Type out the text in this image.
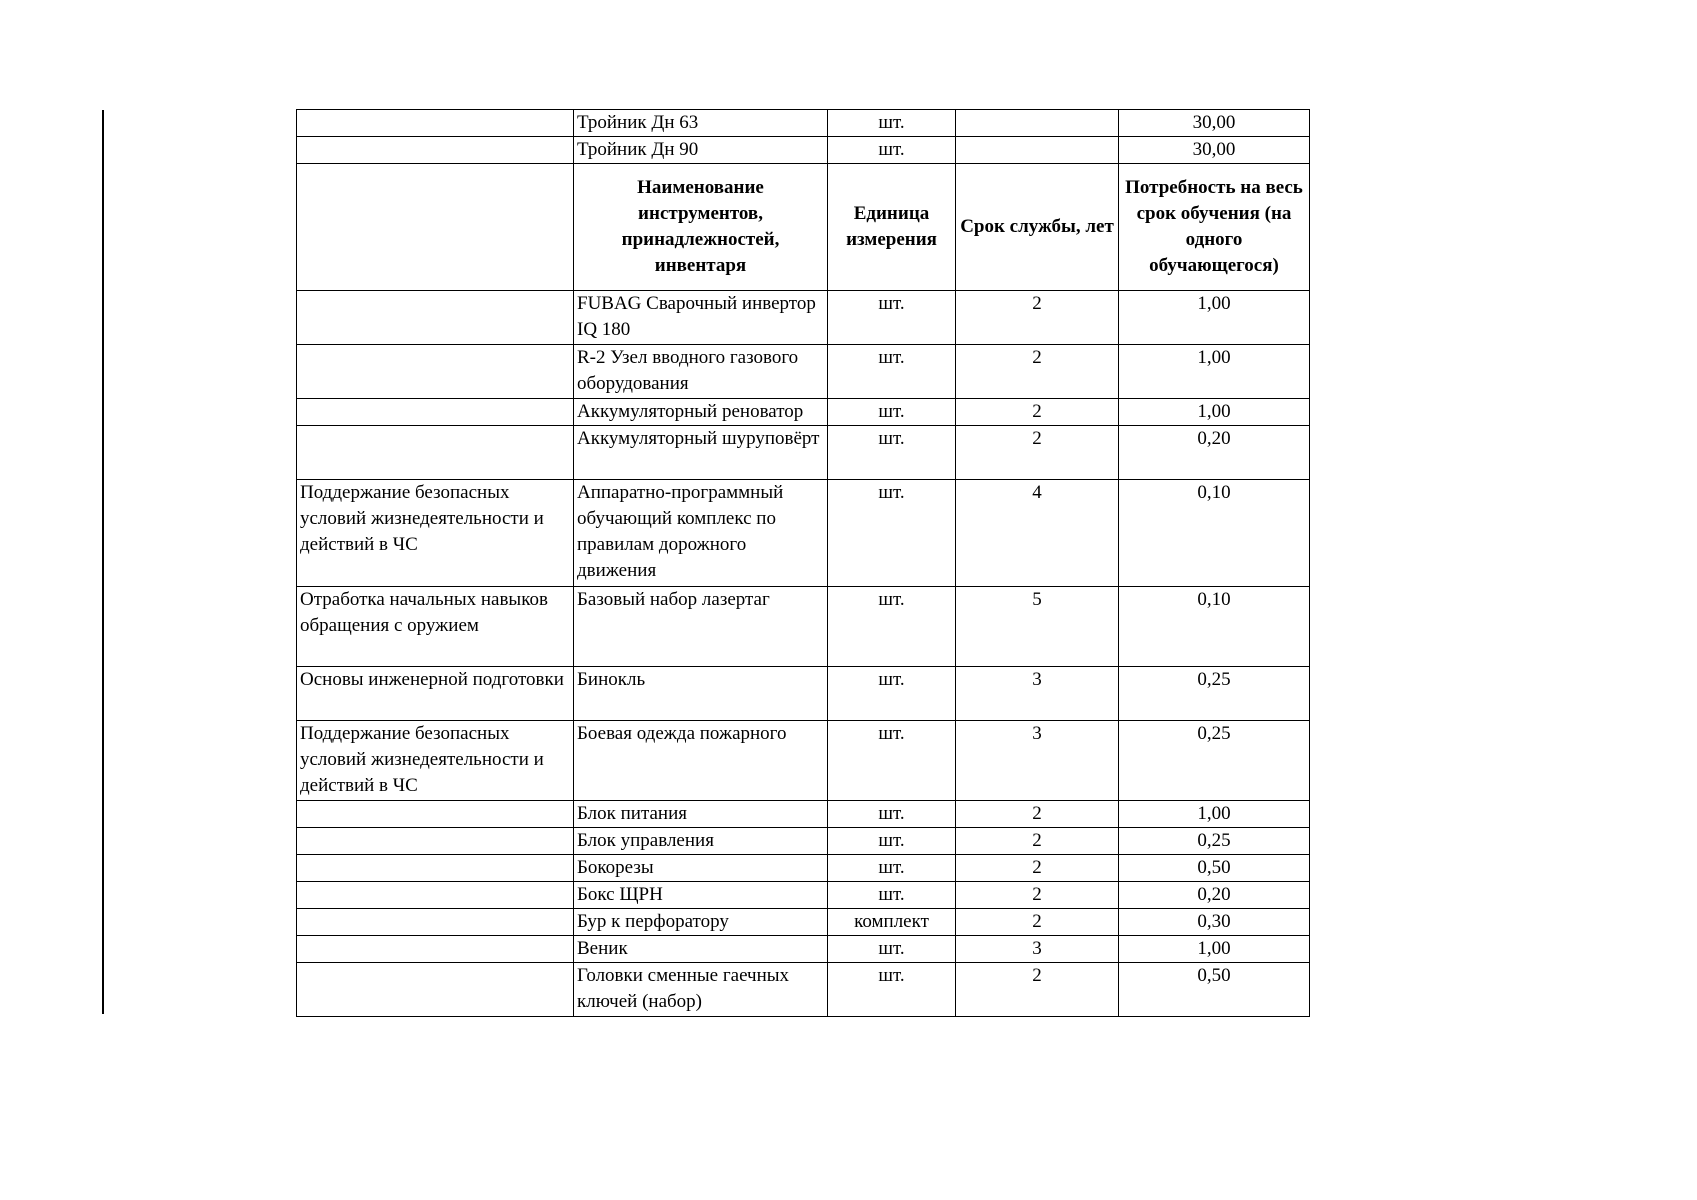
	Тройник Дн 63	шт.		30,00
	Тройник Дн 90	шт.		30,00
	Наименование инструментов, принадлежностей, инвентаря	Единица измерения	Срок службы, лет	Потребность на весь срок обучения (на одного обучающегося)
	FUBAG Сварочный инвертор IQ 180	шт.	2	1,00
	R-2 Узел вводного газового оборудования	шт.	2	1,00
	Аккумуляторный реноватор	шт.	2	1,00
	Аккумуляторный шуруповёрт	шт.	2	0,20
Поддержание безопасных условий жизнедеятельности и действий в ЧС	Аппаратно-программный обучающий комплекс по правилам дорожного движения	шт.	4	0,10
Отработка начальных навыков обращения с оружием	Базовый набор лазертаг	шт.	5	0,10
Основы инженерной подготовки	Бинокль	шт.	3	0,25
Поддержание безопасных условий жизнедеятельности и действий в ЧС	Боевая одежда пожарного	шт.	3	0,25
	Блок питания	шт.	2	1,00
	Блок управления	шт.	2	0,25
	Бокорезы	шт.	2	0,50
	Бокс ЩРН	шт.	2	0,20
	Бур к перфоратору	комплект	2	0,30
	Веник	шт.	3	1,00
	Головки сменные гаечных ключей (набор)	шт.	2	0,50
